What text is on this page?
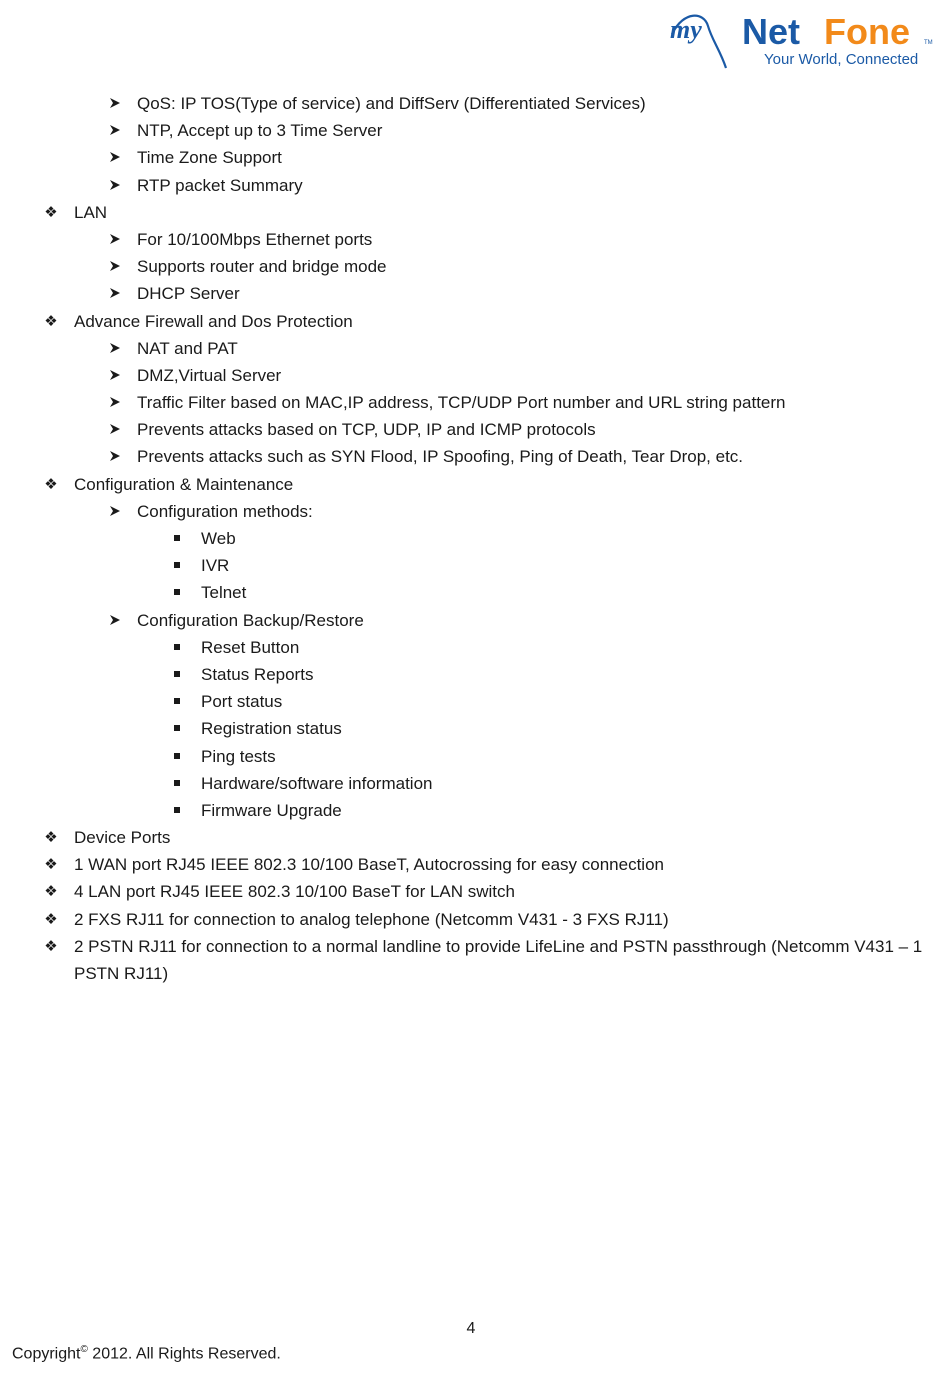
my Net Fone TM
Your World, Connected
QoS: IP TOS(Type of service) and DiffServ (Differentiated Services)
NTP, Accept up to 3 Time Server
Time Zone Support
RTP packet Summary
❖ LAN
For 10/100Mbps Ethernet ports
Supports router and bridge mode
DHCP Server
❖ Advance Firewall and Dos Protection
NAT and PAT
DMZ,Virtual Server
Traffic Filter based on MAC,IP address, TCP/UDP Port number and URL string pattern
Prevents attacks based on TCP, UDP, IP and ICMP protocols
Prevents attacks such as SYN Flood, IP Spoofing, Ping of Death, Tear Drop, etc.
❖ Configuration & Maintenance
Configuration methods:
Web
IVR
Telnet
Configuration Backup/Restore
Reset Button
Status Reports
Port status
Registration status
Ping tests
Hardware/software information
Firmware Upgrade
❖ Device Ports
❖ 1 WAN port RJ45 IEEE 802.3 10/100 BaseT, Autocrossing for easy connection
❖ 4 LAN port RJ45 IEEE 802.3 10/100 BaseT for LAN switch
❖ 2 FXS RJ11 for connection to analog telephone (Netcomm V431 - 3 FXS RJ11)
❖ 2 PSTN RJ11 for connection to a normal landline to provide LifeLine and PSTN passthrough (Netcomm V431 – 1 PSTN RJ11)
4
Copyright© 2012. All Rights Reserved.
